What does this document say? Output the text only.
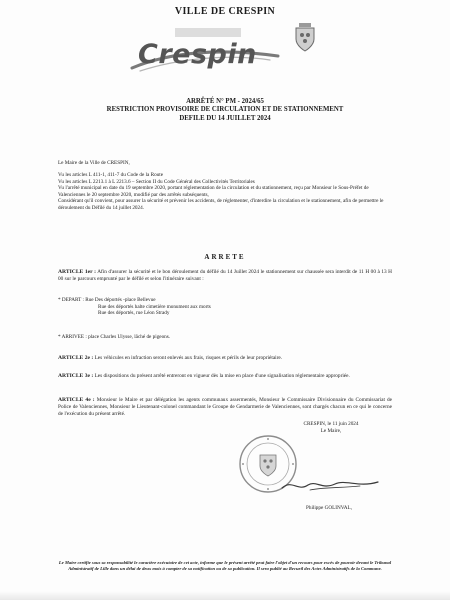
VILLE DE CRESPIN
Crespin
ARRÊTÉ N° PM - 2024/65
RESTRICTION PROVISOIRE DE CIRCULATION ET DE STATIONNEMENT
DEFILE DU 14 JUILLET 2024
Le Maire de la Ville de CRESPIN,

Vu les articles L 411-1, 411-7 du Code de la Route

Vu les articles L 2213.1 à L 2213.6 – Section II du Code Général des Collectivités Territoriales

Vu l'arrêté municipal en date du 19 septembre 2020, portant réglementation de la circulation et du stationnement, reçu par Monsieur le Sous-Préfet de Valenciennes le 20 septembre 2020, modifié par des arrêtés subséquents,

Considérant qu'il convient, pour assurer la sécurité et prévenir les accidents, de réglementer, d'interdire la circulation et le stationnement, afin de permettre le déroulement du Défilé du 14 juillet 2024.

ARRETE
ARTICLE 1er : Afin d'assurer la sécurité et le bon déroulement du défilé du 14 Juillet 2024 le stationnement sur chaussée sera interdit de 11 H 00 à 13 H 00 sur le parcours emprunté par le défilé et selon l'itinéraire suivant :

* DEPART : Rue Des déportés -place Bellevue

Rue des déportés halte cimetière monument aux morts

Rue des déportés, rue Léon Strady

* ARRIVEE : place Charles Ulysse, lâché de pigeons.

ARTICLE 2e : Les véhicules en infraction seront enlevés aux frais, risques et périls de leur propriétaire.
ARTICLE 3e : Les dispositions du présent arrêté entreront en vigueur dès la mise en place d'une signalisation réglementaire appropriée.
ARTICLE 4e : Monsieur le Maire et par délégation les agents communaux assermentés, Monsieur le Commissaire Divisionnaire du Commissariat de Police de Valenciennes, Monsieur le Lieutenant-colonel commandant le Groupe de Gendarmerie de Valenciennes, sont chargés chacun en ce qui le concerne de l'exécution du présent arrêté.
CRESPIN, le 11 juin 2024
Le Maire,
Philippe GOLINVAL,
Le Maire certifie sous sa responsabilité le caractère exécutoire de cet acte, informe que le présent arrêté peut faire l'objet d'un recours pour excès de pouvoir devant le Tribunal Administratif de Lille dans un délai de deux mois à compter de sa notification ou de sa publication. Il sera publié au Recueil des Actes Administratifs de la Commune.
